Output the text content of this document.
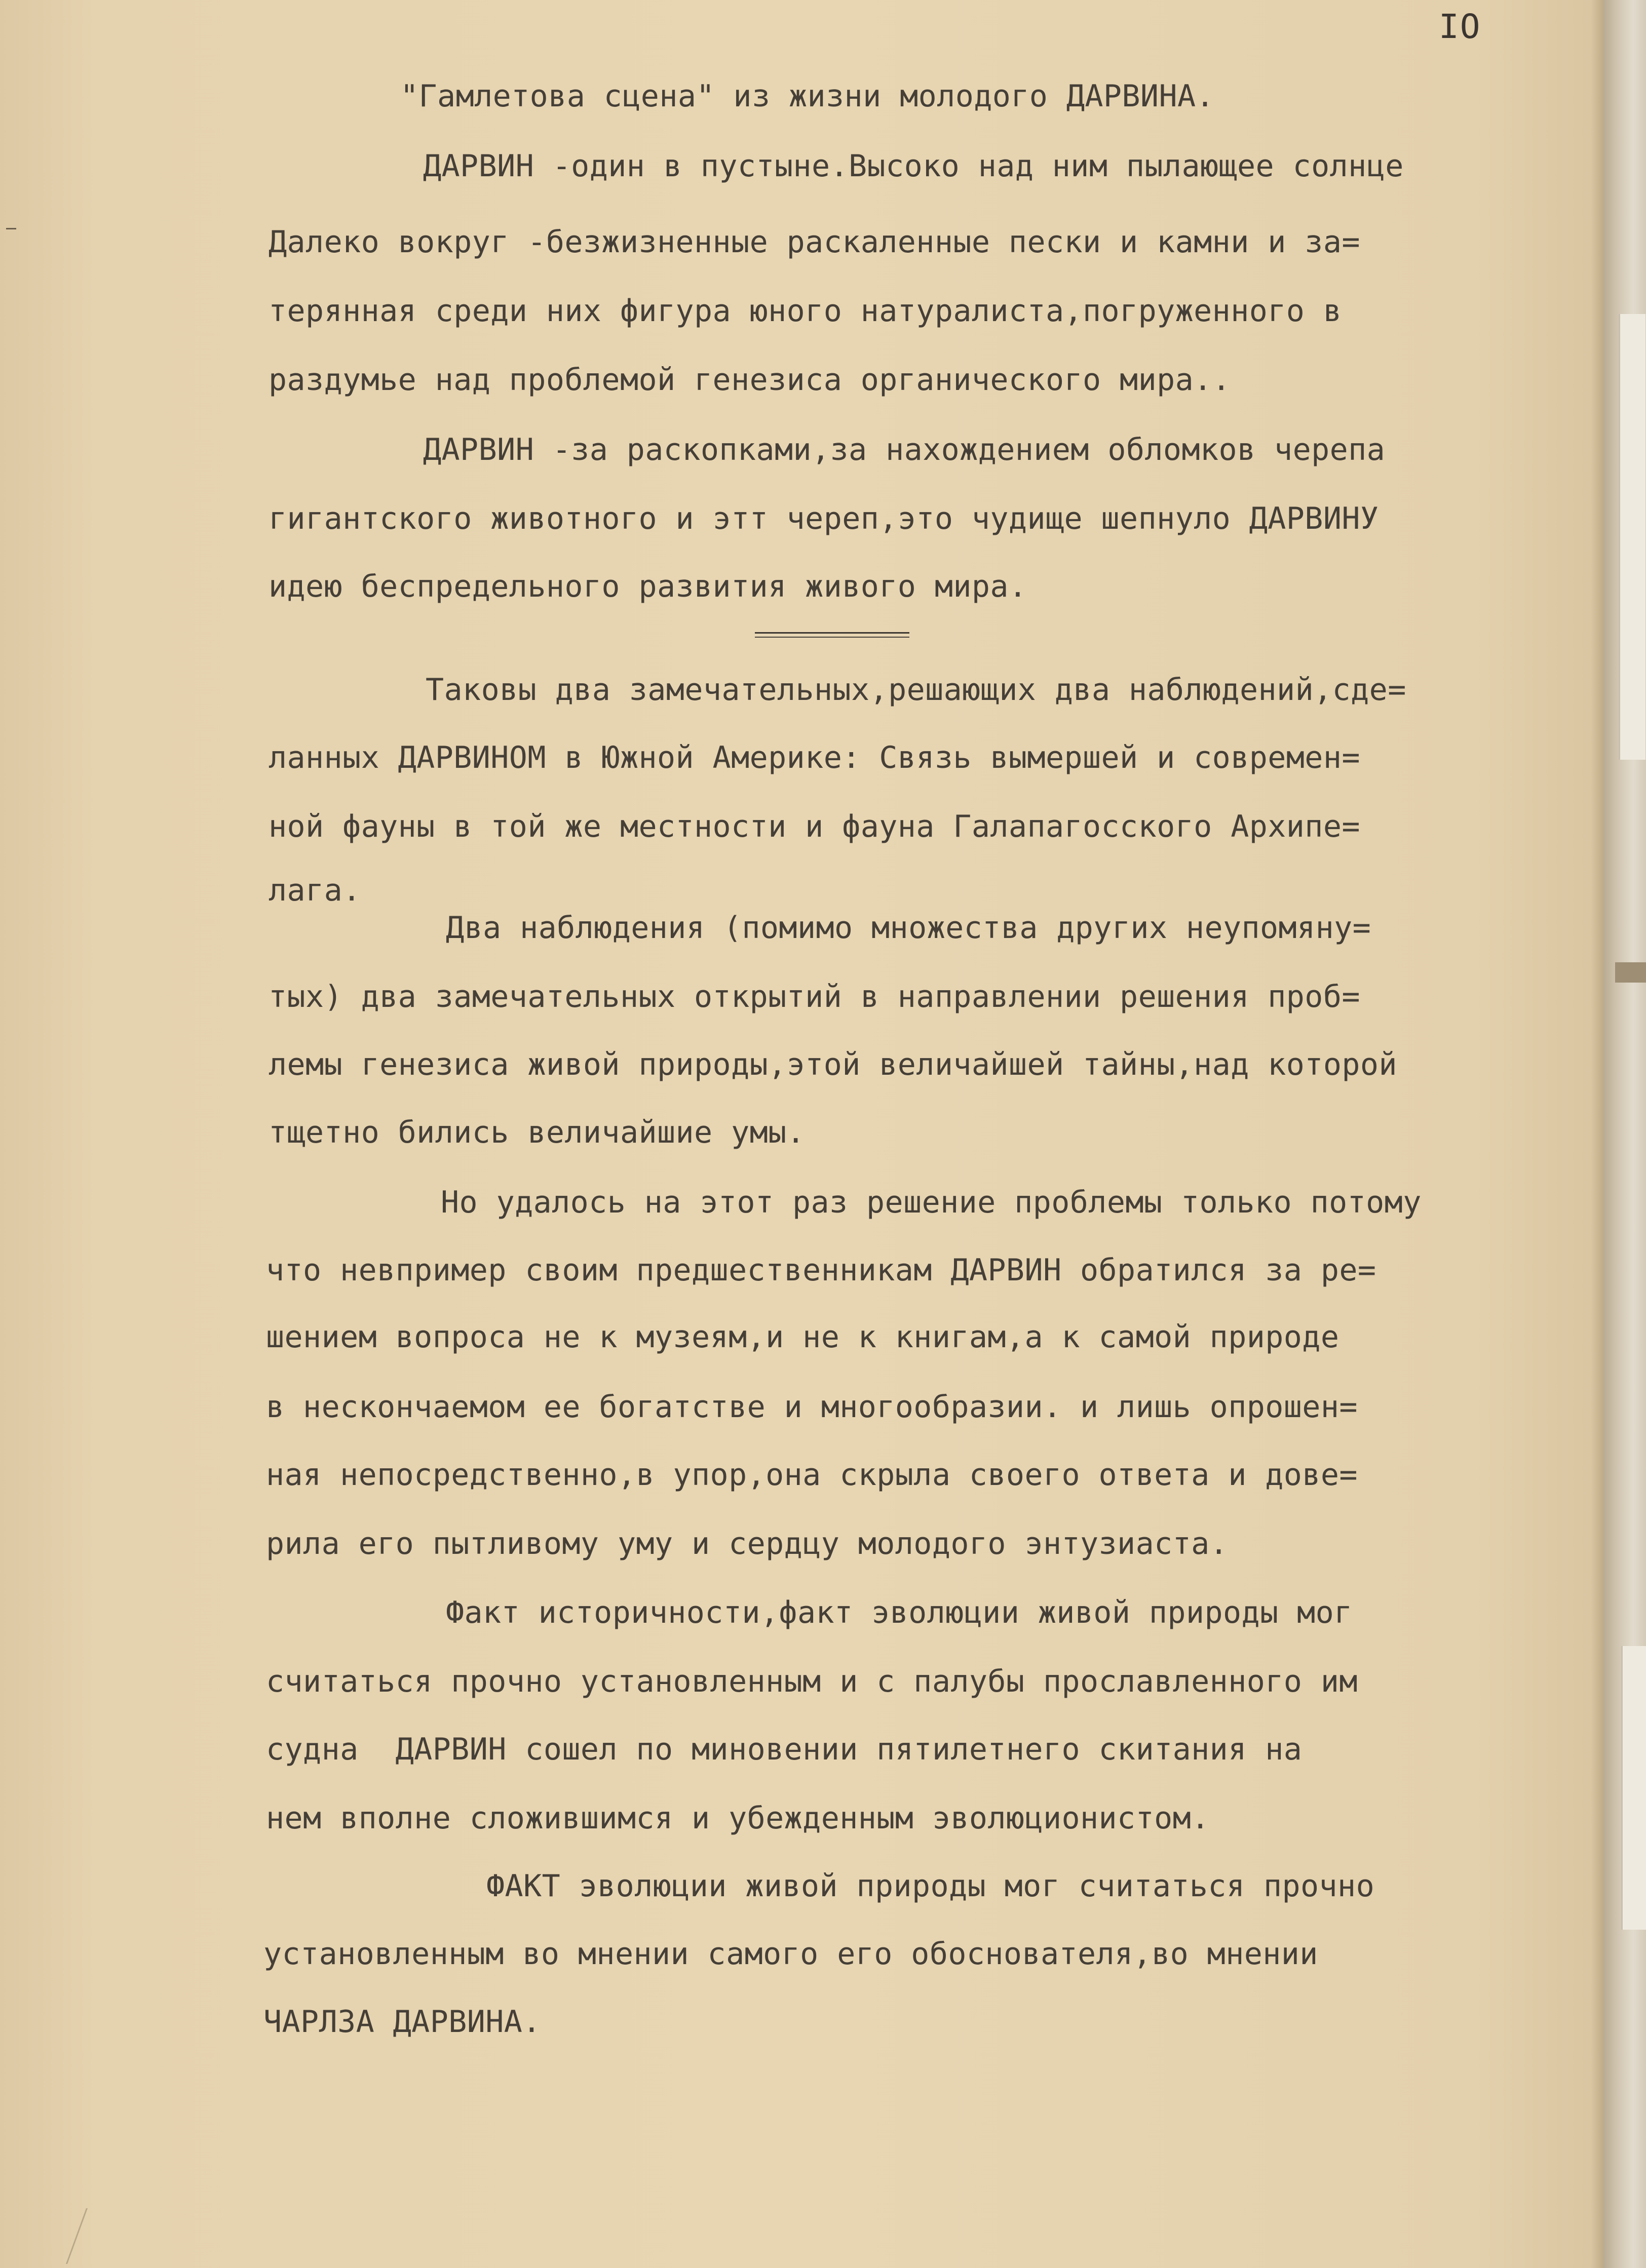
IO
"Гамлетова сцена" из жизни молодого ДАРВИНА.
ДАРВИН -один в пустыне.Высоко над ним пылающее солнце
Далеко вокруг -безжизненные раскаленные пески и камни и за=
терянная среди них фигура юного натуралиста,погруженного в
раздумье над проблемой генезиса органического мира..
ДАРВИН -за раскопками,за нахождением обломков черепа
гигантского животного и этт череп,это чудище шепнуло ДАРВИНУ
идею беспредельного развития живого мира.
Таковы два замечательных,решающих два наблюдений,сде=
ланных ДАРВИНОМ в Южной Америке: Связь вымершей и современ=
ной фауны в той же местности и фауна Галапагосского Архипе=
лага.
Два наблюдения (помимо множества других неупомяну=
тых) два замечательных открытий в направлении решения проб=
лемы генезиса живой природы,этой величайшей тайны,над которой
тщетно бились величайшие умы.
Но удалось на этот раз решение проблемы только потому
что невпример своим предшественникам ДАРВИН обратился за ре=
шением вопроса не к музеям,и не к книгам,а к самой природе
в нескончаемом ее богатстве и многообразии. и лишь опрошен=
ная непосредственно,в упор,она скрыла своего ответа и дове=
рила его пытливому уму и сердцу молодого энтузиаста.
Факт историчности,факт эволюции живой природы мог
считаться прочно установленным и с палубы прославленного им
судна  ДАРВИН сошел по миновении пятилетнего скитания на
нем вполне сложившимся и убежденным эволюционистом.
ФАКТ эволюции живой природы мог считаться прочно
установленным во мнении самого его обоснователя,во мнении
ЧАРЛЗА ДАРВИНА.
